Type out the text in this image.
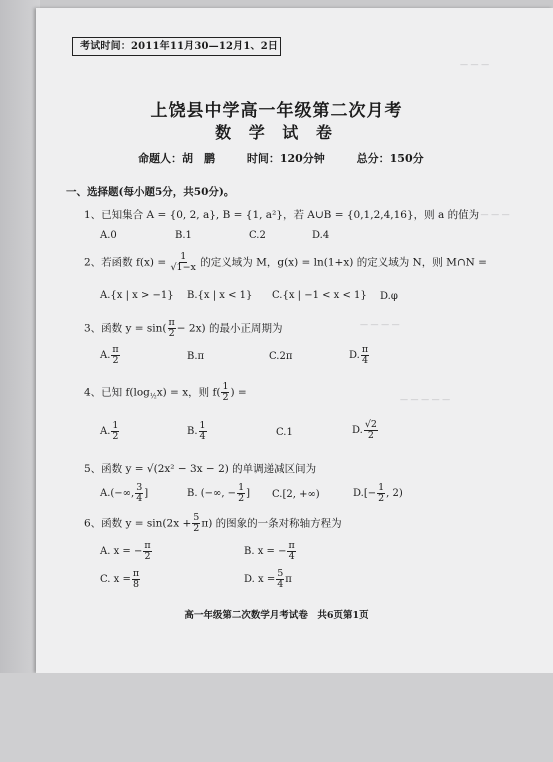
— — —
— — — —
— — — —
— — — — —
考试时间：2011年11月30—12月1、2日
上饶县中学高一年级第二次月考
数 学 试 卷
命题人：胡　鹏	时间：120分钟	总分：150分
一、选择题(每小题5分，共50分)。
1、已知集合 A = {0, 2, a}, B = {1, a²}，若 A∪B = {0,1,2,4,16}，则 a 的值为
A.0	B.1	C.2	D.4
2、若函数 $f(x) = \frac{1}{√1-x}$ 的定义域为 M，g(x) = ln(1+x) 的定义域为 N，则 M∩N =
A.{x | x > −1} B.{x | x < 1} C.{x | −1 < x < 1} D.φ
3、函数 $y = \sin( \frac{\pi}{2} - 2x)$ 的最小正周期为
A. $\frac{\pi}{2}$	B.π	C.2π	D. $\frac{\pi}{4}$
4、已知 $f(\log_{\frac{1}{2}}x) = x$，则 $f( \frac{1}{2}$ ) =
A. $\frac{1}{2}$	B. $\frac{1}{4}$	C.1	D. $\frac{√2}{2}$
5、函数 y = √(2x² − 3x − 2) 的单调递减区间为
A.(−∞, $\frac{3}{4}$ ]	B. (−∞, − $\frac{1}{2}$ ] C.[2, +∞)	$D.[- \frac{1}{2}$ , 2)
6、函数 $y = \sin(2x + \frac{5}{2} \pi)$ 的图象的一条对称轴方程为
A. x = − $\frac{\pi}{2}$	B. x = − $\frac{\pi}{4}$
C. $x = \frac{\pi}{8}$	D. $x = \frac{5}{4}$ π
高一年级第二次数学月考试卷　共6页第1页
